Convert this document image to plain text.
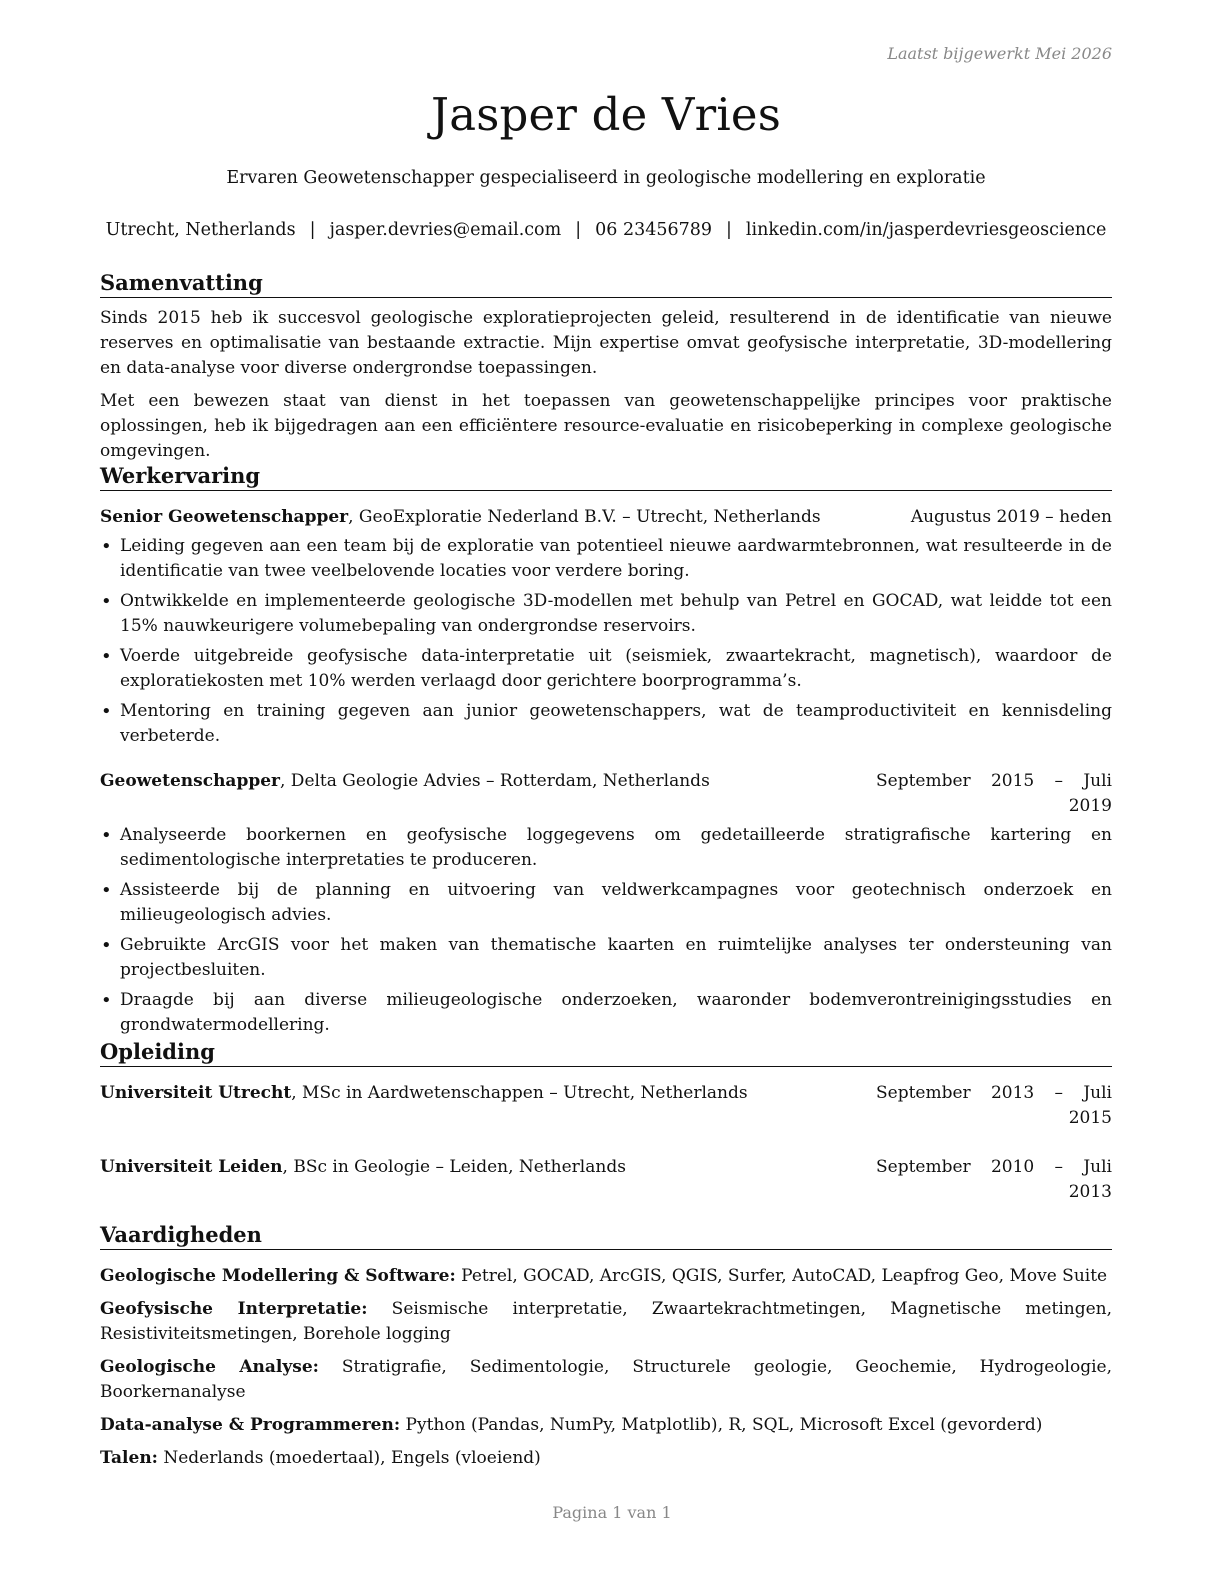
Laatst bijgewerkt Mei 2026
Jasper de Vries
Ervaren Geowetenschapper gespecialiseerd in geologische modellering en exploratie
Utrecht, Netherlands | jasper.devries@email.com | 06 23456789 | linkedin.com/in/jasperdevriesgeoscience
Samenvatting

Sinds 2015 heb ik succesvol geologische exploratieprojecten geleid, resulterend in de identificatie van nieuwe reserves en optimalisatie van bestaande extractie. Mijn expertise omvat geofysische interpretatie, 3D-modellering en data-analyse voor diverse ondergrondse toepassingen.

Met een bewezen staat van dienst in het toepassen van geowetenschappelijke principes voor praktische oplossingen, heb ik bijgedragen aan een efficiëntere resource-evaluatie en risicobeperking in complexe geologische omgevingen.

Werkervaring
Senior Geowetenschapper, GeoExploratie Nederland B.V. – Utrecht, Netherlands	Augustus 2019 – heden
• Leiding gegeven aan een team bij de exploratie van potentieel nieuwe aardwarmtebronnen, wat resulteerde in de identificatie van twee veelbelovende locaties voor verdere boring.
• Ontwikkelde en implementeerde geologische 3D-modellen met behulp van Petrel en GOCAD, wat leidde tot een 15% nauwkeurigere volumebepaling van ondergrondse reservoirs.
• Voerde uitgebreide geofysische data-interpretatie uit (seismiek, zwaartekracht, magnetisch), waardoor de exploratiekosten met 10% werden verlaagd door gerichtere boorprogramma’s.
• Mentoring en training gegeven aan junior geowetenschappers, wat de teamproductiviteit en kennisdeling verbeterde.
Geowetenschapper, Delta Geologie Advies – Rotterdam, Netherlands	September 2015 – Juli 2019
• Analyseerde boorkernen en geofysische loggegevens om gedetailleerde stratigrafische kartering en sedimentologische interpretaties te produceren.
• Assisteerde bij de planning en uitvoering van veldwerkcampagnes voor geotechnisch onderzoek en milieugeologisch advies.
• Gebruikte ArcGIS voor het maken van thematische kaarten en ruimtelijke analyses ter ondersteuning van projectbesluiten.
• Draagde bij aan diverse milieugeologische onderzoeken, waaronder bodemverontreinigingsstudies en grondwatermodellering.
Opleiding
Universiteit Utrecht, MSc in Aardwetenschappen – Utrecht, Netherlands	September 2013 – Juli 2015
Universiteit Leiden, BSc in Geologie – Leiden, Netherlands	September 2010 – Juli 2013
Vaardigheden

Geologische Modellering & Software: Petrel, GOCAD, ArcGIS, QGIS, Surfer, AutoCAD, Leapfrog Geo, Move Suite

Geofysische Interpretatie: Seismische interpretatie, Zwaartekrachtmetingen, Magnetische metingen, Resistiviteitsmetingen, Borehole logging

Geologische Analyse: Stratigrafie, Sedimentologie, Structurele geologie, Geochemie, Hydrogeologie, Boorkernanalyse

Data-analyse & Programmeren: Python (Pandas, NumPy, Matplotlib), R, SQL, Microsoft Excel (gevorderd)

Talen: Nederlands (moedertaal), Engels (vloeiend)

Pagina 1 van 1
